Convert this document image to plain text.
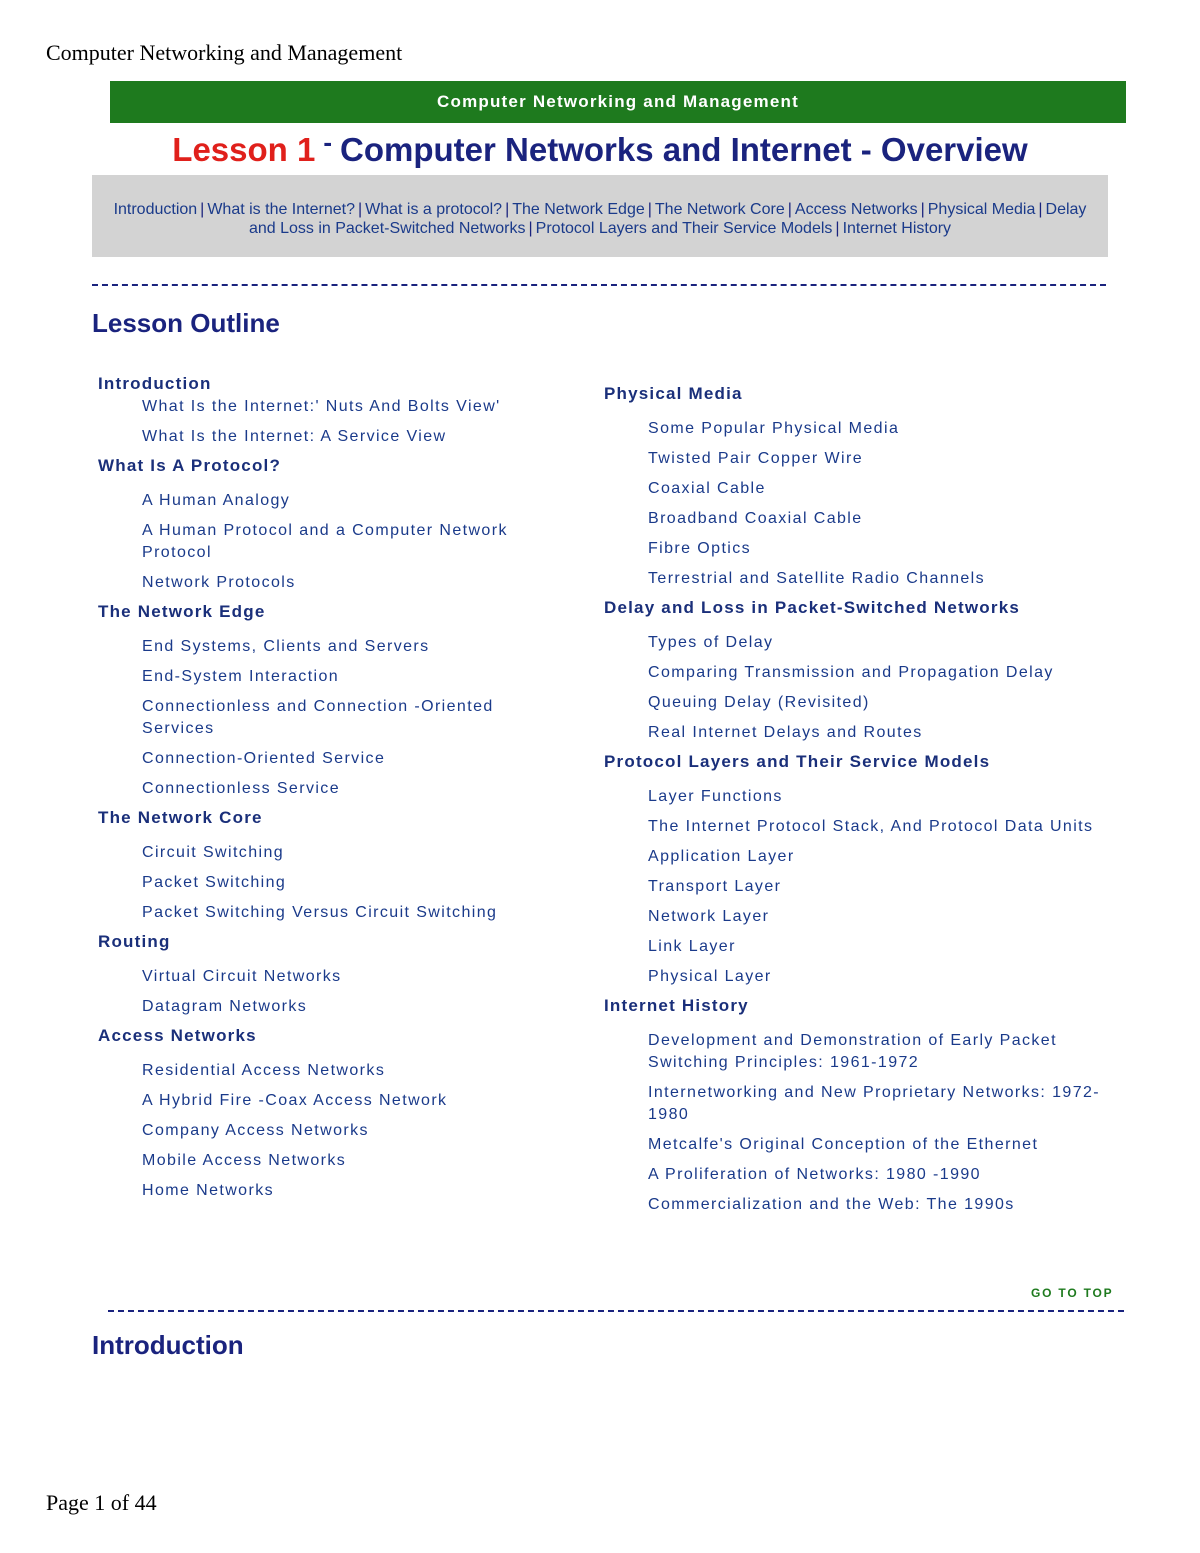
Computer Networking and Management
Computer Networking and Management
Lesson 1 - Computer Networks and Internet - Overview
Introduction | What is the Internet? | What is a protocol? | The Network Edge | The Network Core | Access Networks | Physical Media | Delay and Loss in Packet-Switched Networks | Protocol Layers and Their Service Models | Internet History
Lesson Outline
Introduction
What Is the Internet:' Nuts And Bolts View'
What Is the Internet: A Service View
What Is A Protocol?
A Human Analogy
A Human Protocol and a Computer Network Protocol
Network Protocols
The Network Edge
End Systems, Clients and Servers
End-System Interaction
Connectionless and Connection -Oriented Services
Connection-Oriented Service
Connectionless Service
The Network Core
Circuit Switching
Packet Switching
Packet Switching Versus Circuit Switching
Routing
Virtual Circuit Networks
Datagram Networks
Access Networks
Residential Access Networks
A Hybrid Fire -Coax Access Network
Company Access Networks
Mobile Access Networks
Home Networks
Physical Media
Some Popular Physical Media
Twisted Pair Copper Wire
Coaxial Cable
Broadband Coaxial Cable
Fibre Optics
Terrestrial and Satellite Radio Channels
Delay and Loss in Packet-Switched Networks
Types of Delay
Comparing Transmission and Propagation Delay
Queuing Delay (Revisited)
Real Internet Delays and Routes
Protocol Layers and Their Service Models
Layer Functions
The Internet Protocol Stack, And Protocol Data Units
Application Layer
Transport Layer
Network Layer
Link Layer
Physical Layer
Internet History
Development and Demonstration of Early Packet Switching Principles: 1961-1972
Internetworking and New Proprietary Networks: 1972-1980
Metcalfe's Original Conception of the Ethernet
A Proliferation of Networks: 1980 -1990
Commercialization and the Web: The 1990s
GO TO TOP
Introduction
Page 1 of 44
